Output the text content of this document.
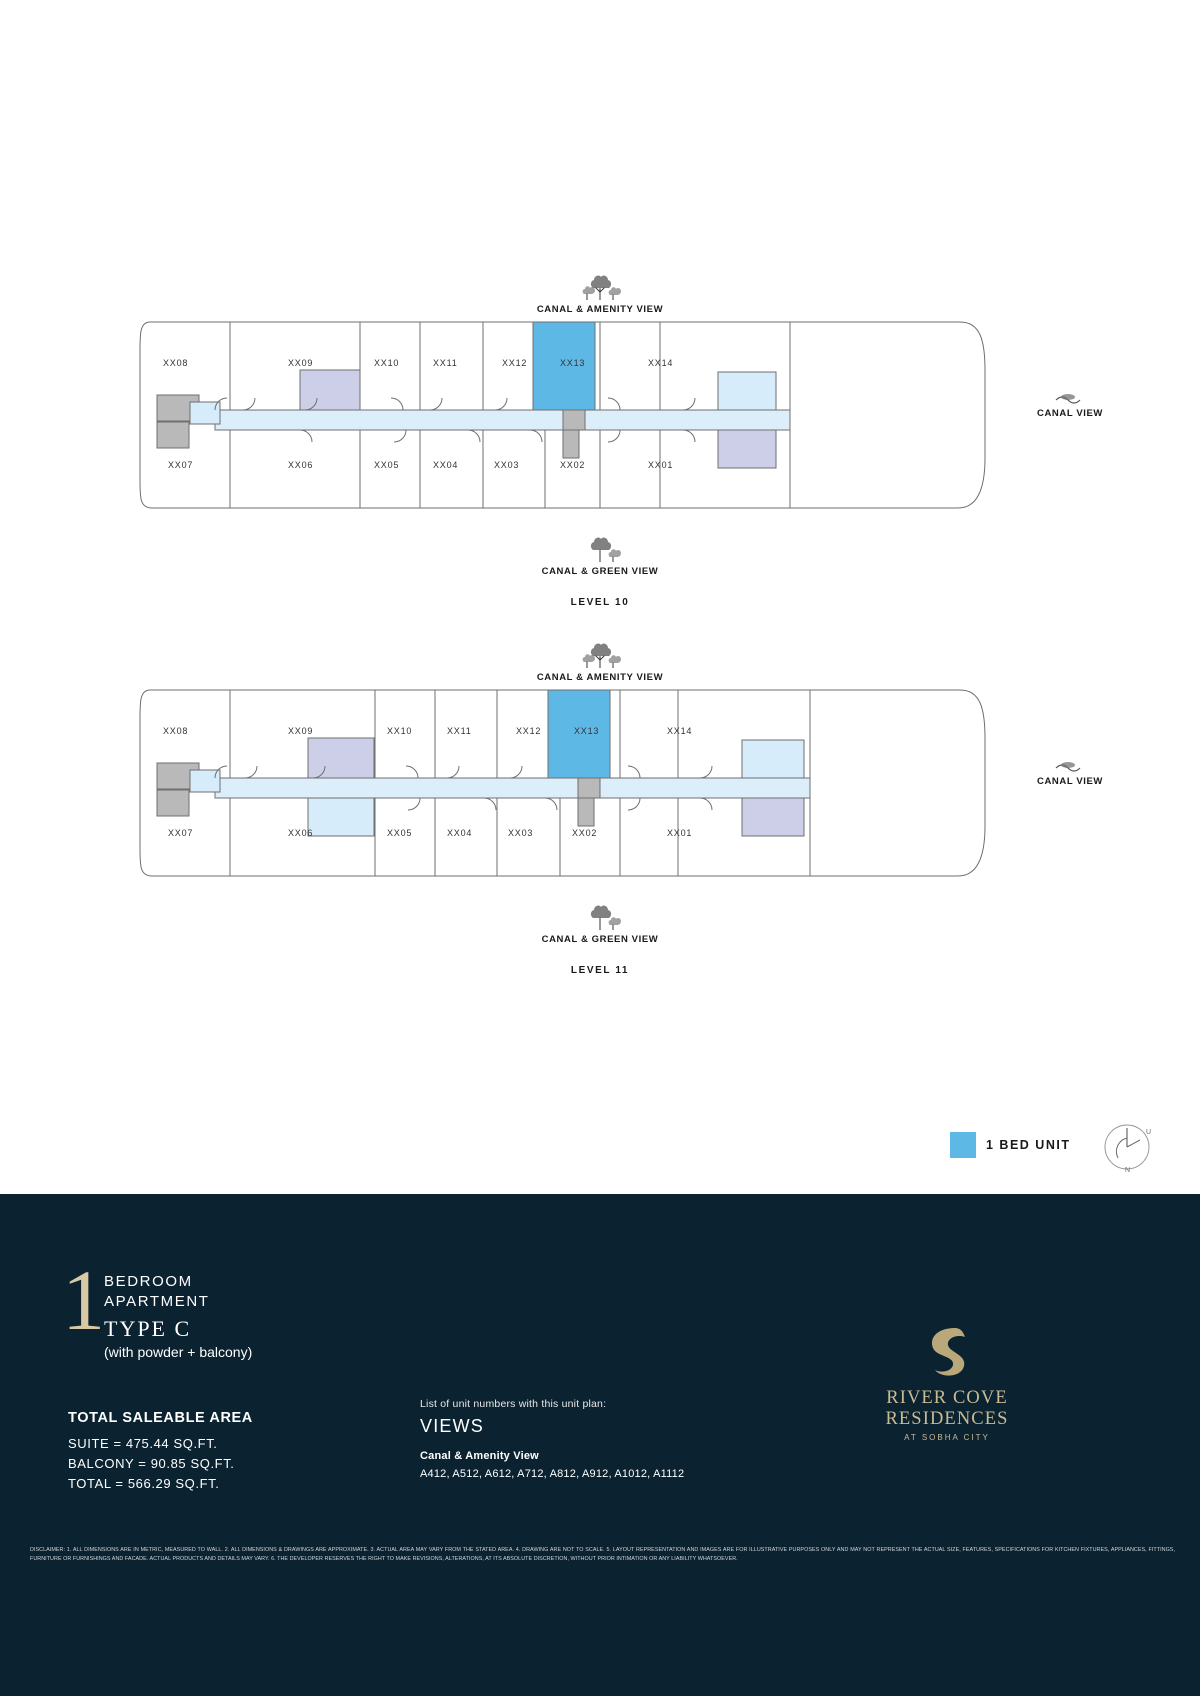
CANAL & AMENITY VIEW
XX08	XX09	XX10	XX11	XX12	XX13	XX14
XX07	XX06	XX05	XX04	XX03	XX02	XX01
CANAL VIEW
CANAL & GREEN VIEW
LEVEL 10
CANAL & AMENITY VIEW
XX08	XX09	XX10	XX11	XX12	XX13	XX14
XX07	XX06	XX05	XX04	XX03	XX02	XX01
CANAL VIEW
CANAL & GREEN VIEW
LEVEL 11
1 BED UNIT
N
U
1 BEDROOM
APARTMENT
TYPE C
(with powder + balcony)
TOTAL SALEABLE AREA
SUITE = 475.44 SQ.FT.
BALCONY = 90.85 SQ.FT.
TOTAL = 566.29 SQ.FT.
List of unit numbers with this unit plan:
VIEWS
Canal & Amenity View
A412, A512, A612, A712, A812, A912, A1012, A1112
RIVER COVE RESIDENCES
AT SOBHA CITY
DISCLAIMER: 1. ALL DIMENSIONS ARE IN METRIC, MEASURED TO WALL. 2. ALL DIMENSIONS & DRAWINGS ARE APPROXIMATE. 3. ACTUAL AREA MAY VARY FROM THE STATED AREA. 4. DRAWING ARE NOT TO SCALE. 5. LAYOUT REPRESENTATION AND IMAGES ARE FOR ILLUSTRATIVE PURPOSES ONLY AND MAY NOT REPRESENT THE ACTUAL SIZE, FEATURES, SPECIFICATIONS FOR KITCHEN FIXTURES, APPLIANCES, FITTINGS, FURNITURE OR FURNISHINGS AND FACADE. ACTUAL PRODUCTS AND DETAILS MAY VARY. 6. THE DEVELOPER RESERVES THE RIGHT TO MAKE REVISIONS, ALTERATIONS, AT ITS ABSOLUTE DISCRETION, WITHOUT PRIOR INTIMATION OR ANY LIABILITY WHATSOEVER.
